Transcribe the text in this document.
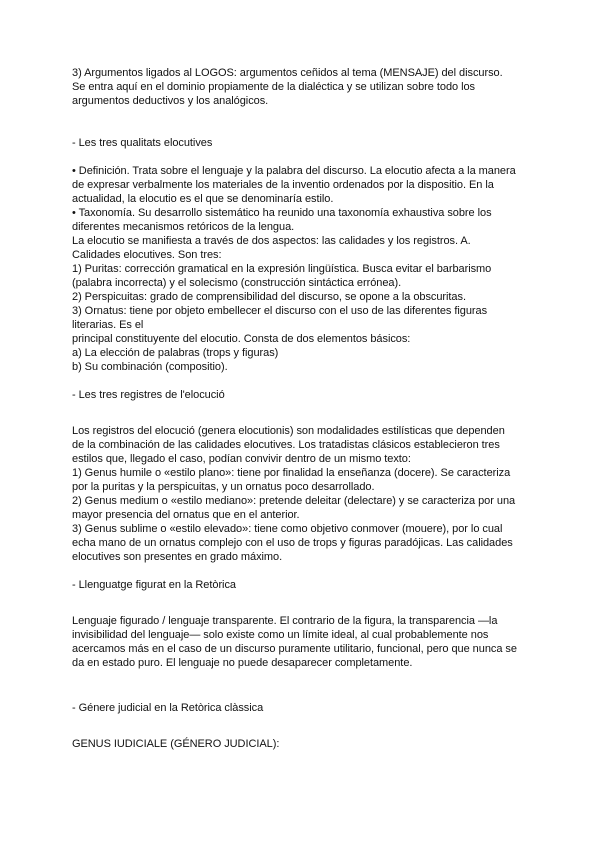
3) Argumentos ligados al LOGOS: argumentos ceñidos al tema (MENSAJE) del discurso.
Se entra aquí en el dominio propiamente de la dialéctica y se utilizan sobre todo los
argumentos deductivos y los analógicos.
- Les tres qualitats elocutives
• Definición. Trata sobre el lenguaje y la palabra del discurso. La elocutio afecta a la manera
de expresar verbalmente los materiales de la inventio ordenados por la dispositio. En la
actualidad, la elocutio es el que se denominaría estilo.
• Taxonomía. Su desarrollo sistemático ha reunido una taxonomía exhaustiva sobre los
diferentes mecanismos retóricos de la lengua.
La elocutio se manifiesta a través de dos aspectos: las calidades y los registros. A.
Calidades elocutives. Son tres:
1) Puritas: corrección gramatical en la expresión lingüística. Busca evitar el barbarismo
(palabra incorrecta) y el solecismo (construcción sintáctica errónea).
2) Perspicuitas: grado de comprensibilidad del discurso, se opone a la obscuritas.
3) Ornatus: tiene por objeto embellecer el discurso con el uso de las diferentes figuras
literarias. Es el
principal constituyente del elocutio. Consta de dos elementos básicos:
a) La elección de palabras (trops y figuras)
b) Su combinación (compositio).
- Les tres registres de l'elocució
Los registros del elocució (genera elocutionis) son modalidades estilísticas que dependen
de la combinación de las calidades elocutives. Los tratadistas clásicos establecieron tres
estilos que, llegado el caso, podían convivir dentro de un mismo texto:
1) Genus humile o «estilo plano»: tiene por finalidad la enseñanza (docere). Se caracteriza
por la puritas y la perspicuitas, y un ornatus poco desarrollado.
2) Genus medium o «estilo mediano»: pretende deleitar (delectare) y se caracteriza por una
mayor presencia del ornatus que en el anterior.
3) Genus sublime o «estilo elevado»: tiene como objetivo conmover (mouere), por lo cual
echa mano de un ornatus complejo con el uso de trops y figuras paradójicas. Las calidades
elocutives son presentes en grado máximo.
- Llenguatge figurat en la Retòrica
Lenguaje figurado / lenguaje transparente. El contrario de la figura, la transparencia —la
invisibilidad del lenguaje— solo existe como un límite ideal, al cual probablemente nos
acercamos más en el caso de un discurso puramente utilitario, funcional, pero que nunca se
da en estado puro. El lenguaje no puede desaparecer completamente.
- Génere judicial en la Retòrica clàssica
GENUS IUDICIALE (GÉNERO JUDICIAL):
